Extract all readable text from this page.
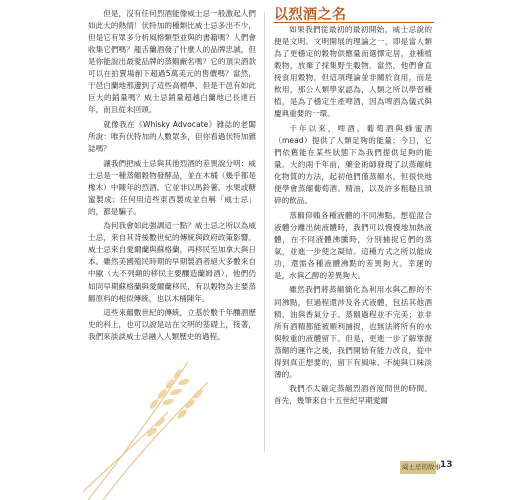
但是，沒有任何烈酒能像威士忌一般激起人們如此大的熱情！伏特加的種類比威士忌多出不少，但是它有眾多分析風格類型並與的書籍嗎？人們會收集它們嗎？龍舌蘭酒發了什麼人的品牌忠誠，但是你能說出最愛品牌的蒸餾廠名嗎？它的頂尖酒款可以在拍賣場創下超過5萬美元的售價嗎？當然，干邑白蘭地那邊到了這些高標準，但是干邑有如此巨大的銷量嗎？威士忌銷量超越白蘭地已長達百年，而且從未回頭。

就像我在《Whisky Advocate》雜誌的老闆所說：唯有伏特加的人數眾多，但你看過伏特加雜誌嗎？

讓我們把威士忌與其他烈酒的差異說分明：威士忌是一種蒸餾穀物發酵品，並在木桶（幾乎都是橡木）中陳年的烈酒。它並非以馬鈴薯、水果或糖蜜製成；任何用這些東西製成並自稱「威士忌」的，都是騙子。

為何我會如此強調這一點？威士忌之所以為威士忌，來自其背後數世紀的傳統與政府政策影響。威士忌來自愛爾蘭與蘇格蘭，再移民至加拿大與日本。雖然美國殖民時期的早期製酒者絕大多數來自中歐（大不列顛的移民主要釀造蘭姆酒），他們仍如同早期蘇格蘭與愛爾蘭移民，有以穀物為主要蒸餾原料的相似傳統，也以木桶陳年。

這些來蘊數世紀的傳統，立基於數千年釀酒歷史的科上，也可以說是站在文明的基礎上，接著，我們來談談威士忌融入人類歷史的過程。

以烈酒之名

如果我們從最初的最初開始，威士忌說的便是文明。文明開展的理論之一，即是當人類為了更穩定的穀物供應量而選擇定居，並種植穀物，放棄了採集野生穀物。當然，他們會直接食用穀物，但這項理論並非關於食用，而是飲用，那公人類學家認為，人類之所以學習種植，是為了穩定生產啤酒，因為啤酒為儀式與慶典重要的一環。

千年以來，啤酒、葡萄酒與蜂蜜酒（mead）提供了人類足夠的能量；今日，它們依舊能在某些狀態下為我們提供足夠的能量。大約兩千年前，藥金術師發現了以蒸餾純化物質的方法，起初他們僅蒸餾水，但很快地便學會蒸餾葡萄酒、精油，以及許多粗糙且瑣碎的飲品。

蒸餾仰賴各種液體的不同沸點。想從混合液體分離出純液體時，我們可以慢慢地加熱液體，在不同液體沸騰時，分別捕捉它們的蒸氣，並進一步使之凝結。這種方式之所以能成功，還需各種液體沸點的差異夠大。幸運的是，水與乙醇的差異夠大。

雖然我們將蒸餾簡化為利用水與乙醇的不同沸點，但過程還涉及各式液體，包括其他酒精、油與香氣分子。蒸餾過程並不完美；並非所有酒精都能被順利捕捉，也無法將所有的水與較重的液體留下。但是，更進一步了解掌握蒸餾的運作之後，我們開始有能力改良，從中得到真正想要的，留下有風味、不純與口味淡薄的。

我們不太確定蒸餾烈酒首度問世的時間。首先，幾筆來自十五世紀早期愛爾

威士忌的故事 13
